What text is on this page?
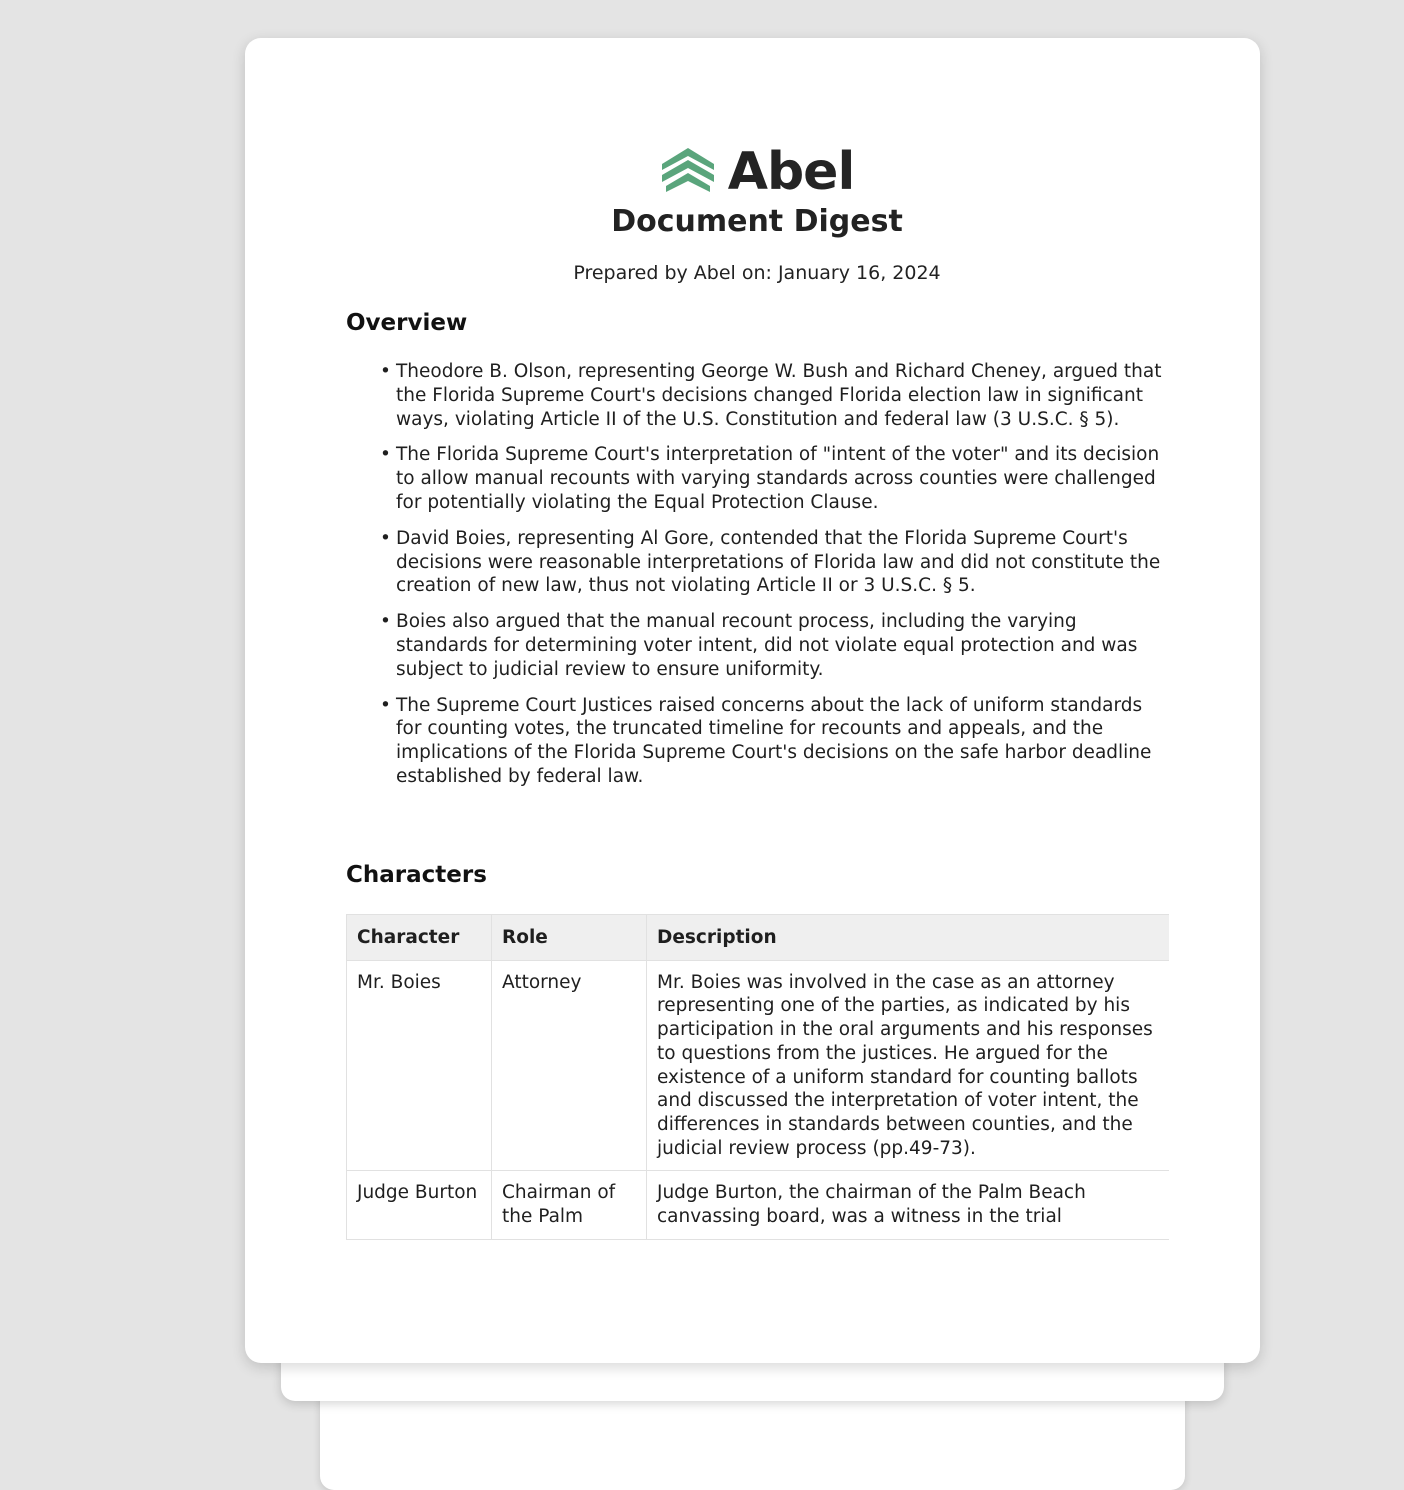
Abel
Document Digest
Prepared by Abel on: January 16, 2024
Overview
• Theodore B. Olson, representing George W. Bush and Richard Cheney, argued that the Florida Supreme Court's decisions changed Florida election law in significant ways, violating Article II of the U.S. Constitution and federal law (3 U.S.C. § 5).
• The Florida Supreme Court's interpretation of "intent of the voter" and its decision to allow manual recounts with varying standards across counties were challenged for potentially violating the Equal Protection Clause.
• David Boies, representing Al Gore, contended that the Florida Supreme Court's decisions were reasonable interpretations of Florida law and did not constitute the creation of new law, thus not violating Article II or 3 U.S.C. § 5.
• Boies also argued that the manual recount process, including the varying standards for determining voter intent, did not violate equal protection and was subject to judicial review to ensure uniformity.
• The Supreme Court Justices raised concerns about the lack of uniform standards for counting votes, the truncated timeline for recounts and appeals, and the implications of the Florida Supreme Court's decisions on the safe harbor deadline established by federal law.
Characters
Character	Role	Description
Mr. Boies	Attorney	Mr. Boies was involved in the case as an attorney representing one of the parties, as indicated by his participation in the oral arguments and his responses to questions from the justices. He argued for the existence of a uniform standard for counting ballots and discussed the interpretation of voter intent, the differences in standards between counties, and the judicial review process (pp.49-73).
Judge Burton	Chairman of the Palm	Judge Burton, the chairman of the Palm Beach canvassing board, was a witness in the trial
